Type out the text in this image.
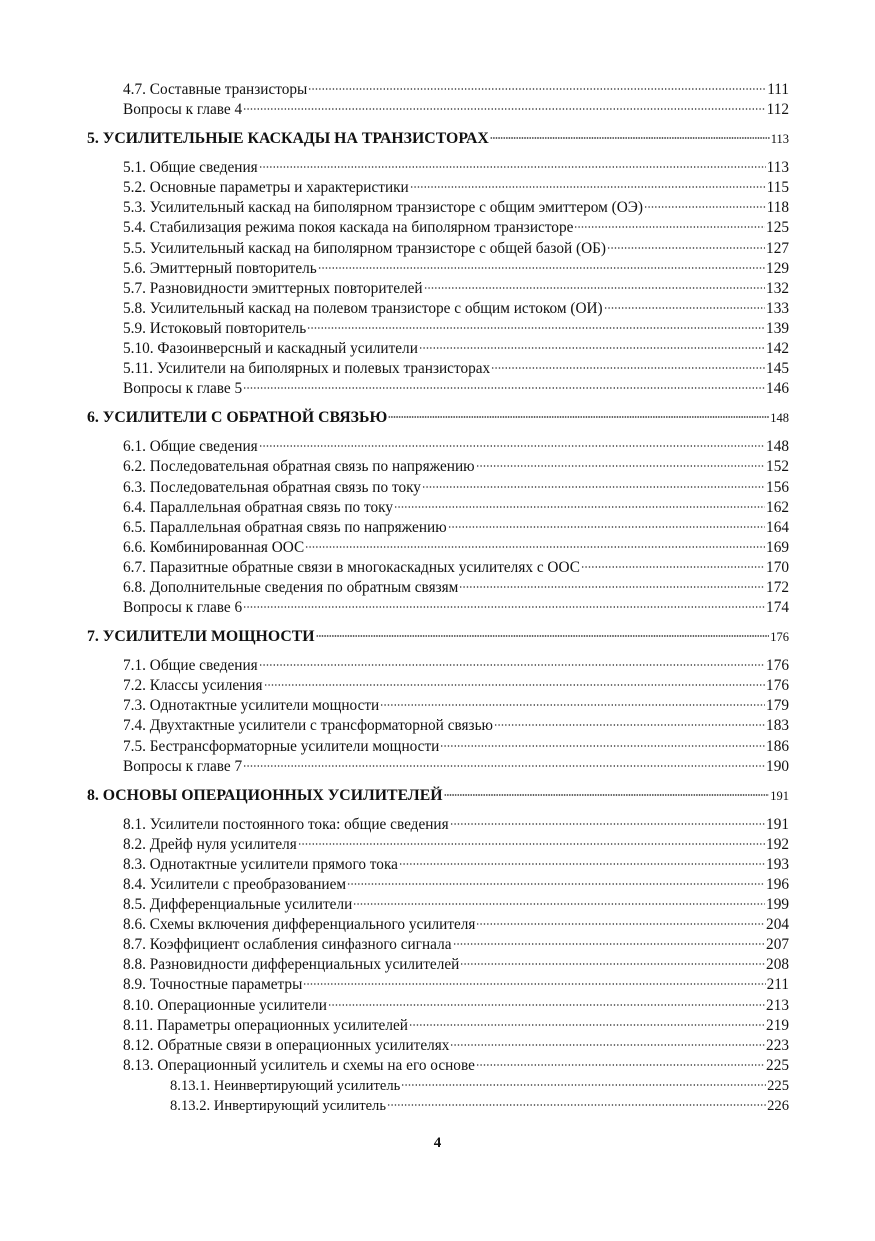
4.7. Составные транзисторы	111
Вопросы к главе 4	112
5. УСИЛИТЕЛЬНЫЕ КАСКАДЫ НА ТРАНЗИСТОРАХ	113
5.1. Общие сведения	113
5.2. Основные параметры и характеристики	115
5.3. Усилительный каскад на биполярном транзисторе с общим эмиттером (ОЭ)	118
5.4. Стабилизация режима покоя каскада на биполярном транзисторе	125
5.5. Усилительный каскад на биполярном транзисторе с общей базой (ОБ)	127
5.6. Эмиттерный повторитель	129
5.7. Разновидности эмиттерных повторителей	132
5.8. Усилительный каскад на полевом транзисторе с общим истоком (ОИ)	133
5.9. Истоковый повторитель	139
5.10. Фазоинверсный и каскадный усилители	142
5.11. Усилители на биполярных и полевых транзисторах	145
Вопросы к главе 5	146
6. УСИЛИТЕЛИ С ОБРАТНОЙ СВЯЗЬЮ	148
6.1. Общие сведения	148
6.2. Последовательная обратная связь по напряжению	152
6.3. Последовательная обратная связь по току	156
6.4. Параллельная обратная связь по току	162
6.5. Параллельная обратная связь по напряжению	164
6.6. Комбинированная ООС	169
6.7. Паразитные обратные связи в многокаскадных усилителях с ООС	170
6.8. Дополнительные сведения по обратным связям	172
Вопросы к главе 6	174
7. УСИЛИТЕЛИ МОЩНОСТИ	176
7.1. Общие сведения	176
7.2. Классы усиления	176
7.3. Однотактные усилители мощности	179
7.4. Двухтактные усилители с трансформаторной связью	183
7.5. Бестрансформаторные усилители мощности	186
Вопросы к главе 7	190
8. ОСНОВЫ ОПЕРАЦИОННЫХ УСИЛИТЕЛЕЙ	191
8.1. Усилители постоянного тока: общие сведения	191
8.2. Дрейф нуля усилителя	192
8.3. Однотактные усилители прямого тока	193
8.4. Усилители с преобразованием	196
8.5. Дифференциальные усилители	199
8.6. Схемы включения дифференциального усилителя	204
8.7. Коэффициент ослабления синфазного сигнала	207
8.8. Разновидности дифференциальных усилителей	208
8.9. Точностные параметры	211
8.10. Операционные усилители	213
8.11. Параметры операционных усилителей	219
8.12. Обратные связи в операционных усилителях	223
8.13. Операционный усилитель и схемы на его основе	225
8.13.1. Неинвертирующий усилитель	225
8.13.2. Инвертирующий усилитель	226
4
